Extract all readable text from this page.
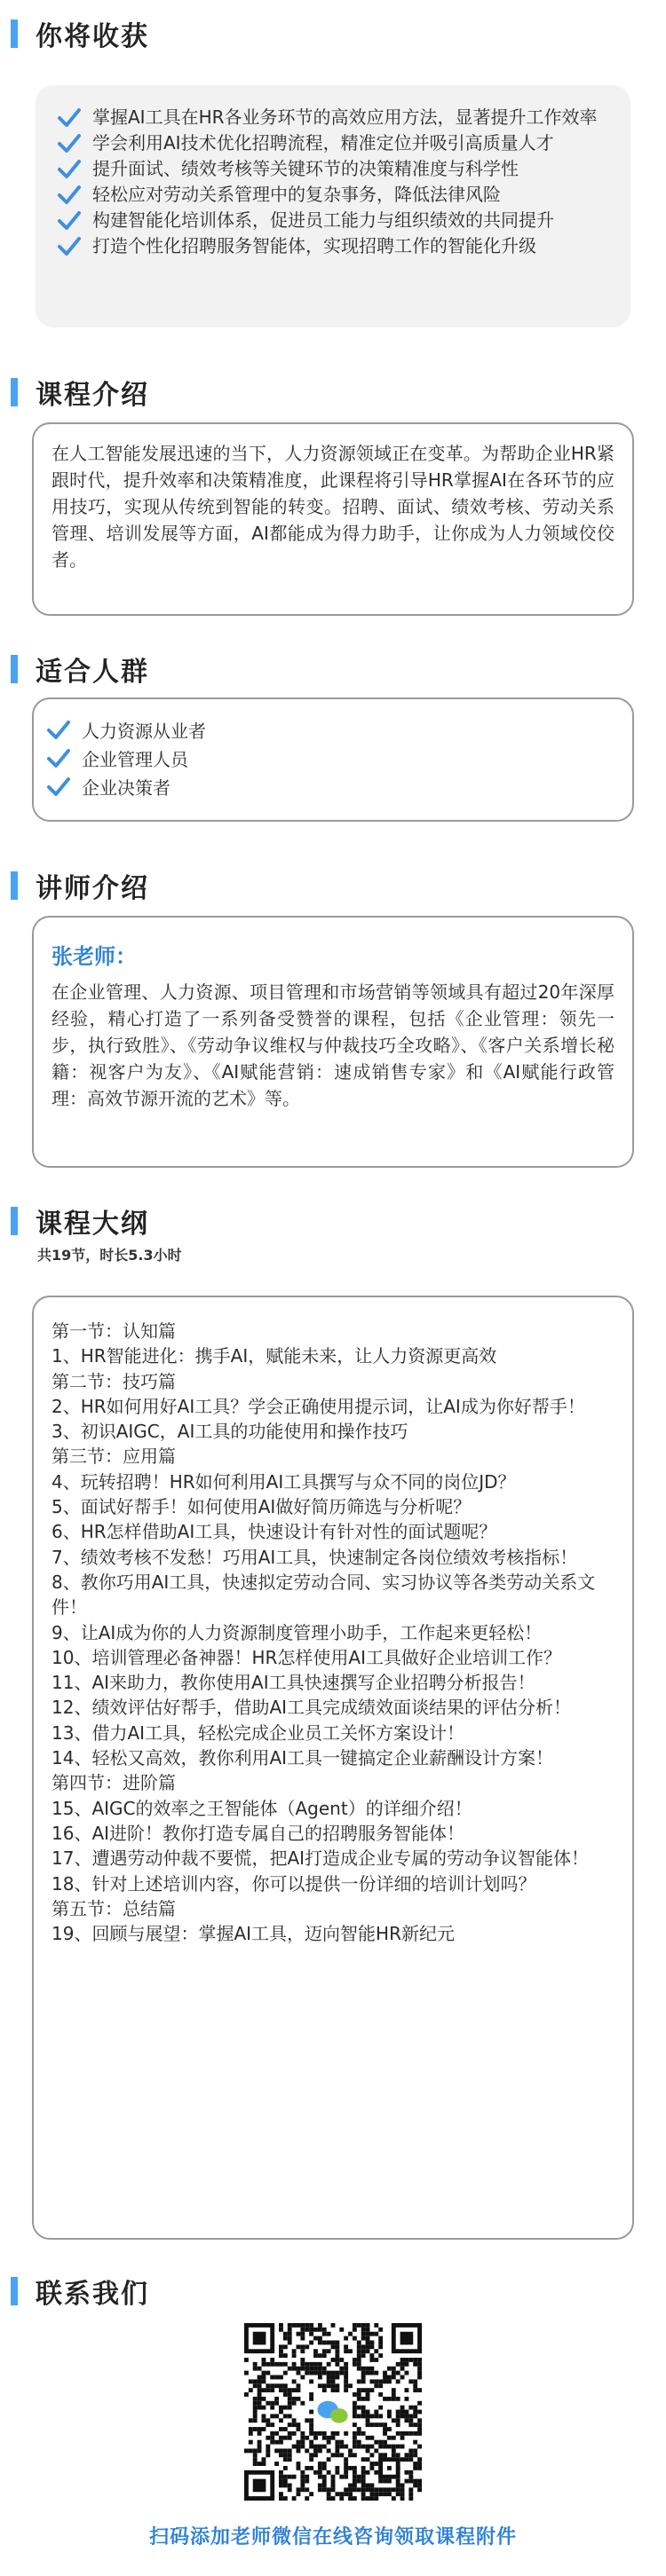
你将收获
掌握AI工具在HR各业务环节的高效应用方法，显著提升工作效率
学会利用AI技术优化招聘流程，精准定位并吸引高质量人才
提升面试、绩效考核等关键环节的决策精准度与科学性
轻松应对劳动关系管理中的复杂事务，降低法律风险
构建智能化培训体系，促进员工能力与组织绩效的共同提升
打造个性化招聘服务智能体，实现招聘工作的智能化升级
课程介绍

在人工智能发展迅速的当下，人力资源领域正在变革。为帮助企业HR紧跟时代，提升效率和决策精准度，此课程将引导HR掌握AI在各环节的应用技巧，实现从传统到智能的转变。招聘、面试、绩效考核、劳动关系管理、培训发展等方面，AI都能成为得力助手，让你成为人力领域佼佼者。

适合人群
人力资源从业者
企业管理人员
企业决策者
讲师介绍

张老师：

在企业管理、人力资源、项目管理和市场营销等领域具有超过20年深厚经验，精心打造了一系列备受赞誉的课程，包括《企业管理：领先一步，执行致胜》、《劳动争议维权与仲裁技巧全攻略》、《客户关系增长秘籍：视客户为友》、《AI赋能营销：速成销售专家》和《AI赋能行政管理：高效节源开流的艺术》等。

课程大纲
共19节，时长5.3小时

第一节：认知篇

1、HR智能进化：携手AI，赋能未来，让人力资源更高效

第二节：技巧篇

2、HR如何用好AI工具？学会正确使用提示词，让AI成为你好帮手！

3、初识AIGC，AI工具的功能使用和操作技巧

第三节：应用篇

4、玩转招聘！HR如何利用AI工具撰写与众不同的岗位JD？

5、面试好帮手！如何使用AI做好简历筛选与分析呢？

6、HR怎样借助AI工具，快速设计有针对性的面试题呢？

7、绩效考核不发愁！巧用AI工具，快速制定各岗位绩效考核指标！

8、教你巧用AI工具，快速拟定劳动合同、实习协议等各类劳动关系文件！

9、让AI成为你的人力资源制度管理小助手，工作起来更轻松！

10、培训管理必备神器！HR怎样使用AI工具做好企业培训工作？

11、AI来助力，教你使用AI工具快速撰写企业招聘分析报告！

12、绩效评估好帮手，借助AI工具完成绩效面谈结果的评估分析！

13、借力AI工具，轻松完成企业员工关怀方案设计！

14、轻松又高效，教你利用AI工具一键搞定企业薪酬设计方案！

第四节：进阶篇

15、AIGC的效率之王智能体（Agent）的详细介绍！

16、AI进阶！教你打造专属自己的招聘服务智能体！

17、遭遇劳动仲裁不要慌，把AI打造成企业专属的劳动争议智能体！

18、针对上述培训内容，你可以提供一份详细的培训计划吗？

第五节：总结篇

19、回顾与展望：掌握AI工具，迈向智能HR新纪元

联系我们
扫码添加老师微信在线咨询领取课程附件
